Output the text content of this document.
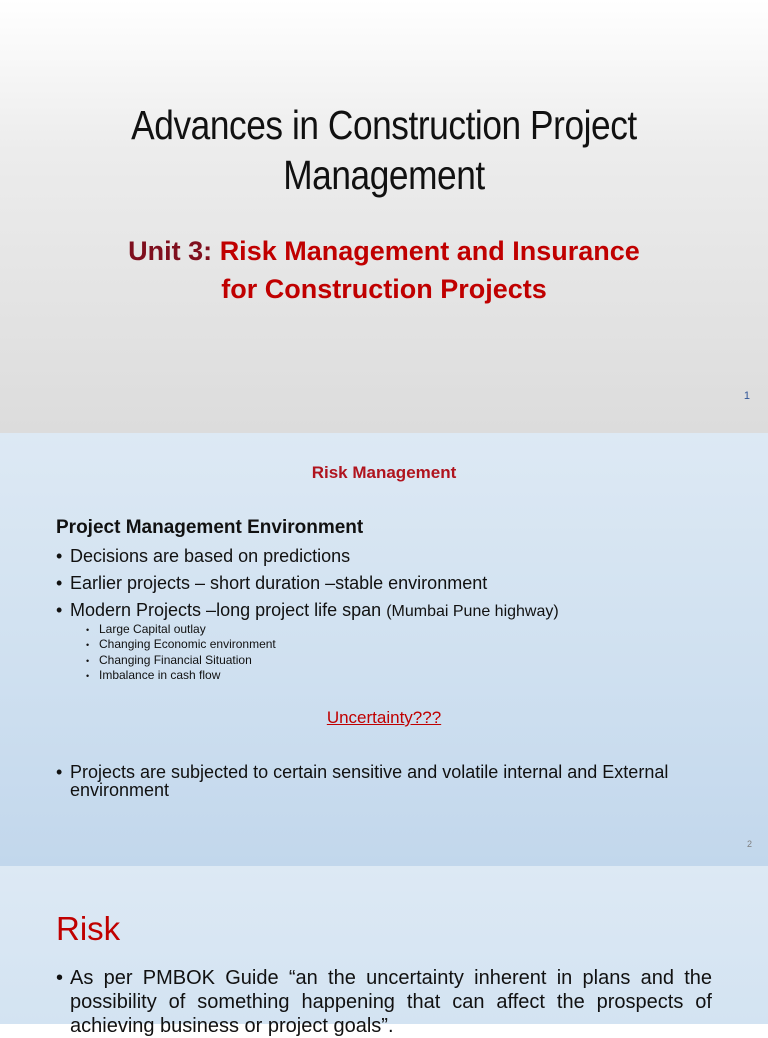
Advances in Construction Project
Management
Unit 3: Risk Management and Insurance
for Construction Projects
1
Risk Management
Project Management Environment
• Decisions are based on predictions
• Earlier projects – short duration –stable environment
• Modern Projects –long project life span (Mumbai Pune highway)
• Large Capital outlay
• Changing Economic environment
• Changing Financial Situation
• Imbalance in cash flow
Uncertainty???
• Projects are subjected to certain sensitive and volatile internal and External environment
2
Risk
• As per PMBOK Guide “an the uncertainty inherent in plans and the possibility of something happening that can affect the prospects of achieving business or project goals”.
